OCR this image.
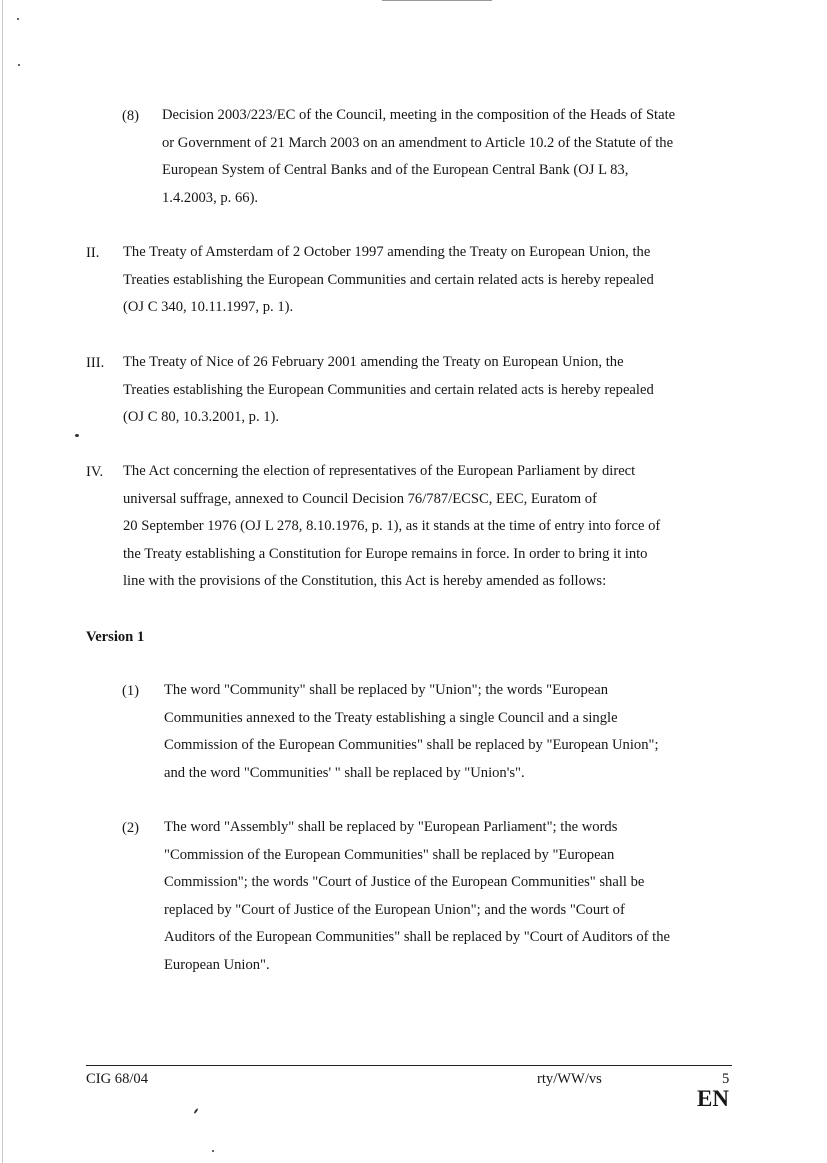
(8) Decision 2003/223/EC of the Council, meeting in the composition of the Heads of State
or Government of 21 March 2003 on an amendment to Article 10.2 of the Statute of the
European System of Central Banks and of the European Central Bank (OJ L 83,
1.4.2003, p. 66).
II. The Treaty of Amsterdam of 2 October 1997 amending the Treaty on European Union, the
Treaties establishing the European Communities and certain related acts is hereby repealed
(OJ C 340, 10.11.1997, p. 1).
III. The Treaty of Nice of 26 February 2001 amending the Treaty on European Union, the
Treaties establishing the European Communities and certain related acts is hereby repealed
(OJ C 80, 10.3.2001, p. 1).
IV. The Act concerning the election of representatives of the European Parliament by direct
universal suffrage, annexed to Council Decision 76/787/ECSC, EEC, Euratom of
20 September 1976 (OJ L 278, 8.10.1976, p. 1), as it stands at the time of entry into force of
the Treaty establishing a Constitution for Europe remains in force. In order to bring it into
line with the provisions of the Constitution, this Act is hereby amended as follows:
Version 1
(1) The word "Community" shall be replaced by "Union"; the words "European
Communities annexed to the Treaty establishing a single Council and a single
Commission of the European Communities" shall be replaced by "European Union";
and the word "Communities' " shall be replaced by "Union's".
(2) The word "Assembly" shall be replaced by "European Parliament"; the words
"Commission of the European Communities" shall be replaced by "European
Commission"; the words "Court of Justice of the European Communities" shall be
replaced by "Court of Justice of the European Union"; and the words "Court of
Auditors of the European Communities" shall be replaced by "Court of Auditors of the
European Union".
CIG 68/04	rty/WW/vs	5
EN
